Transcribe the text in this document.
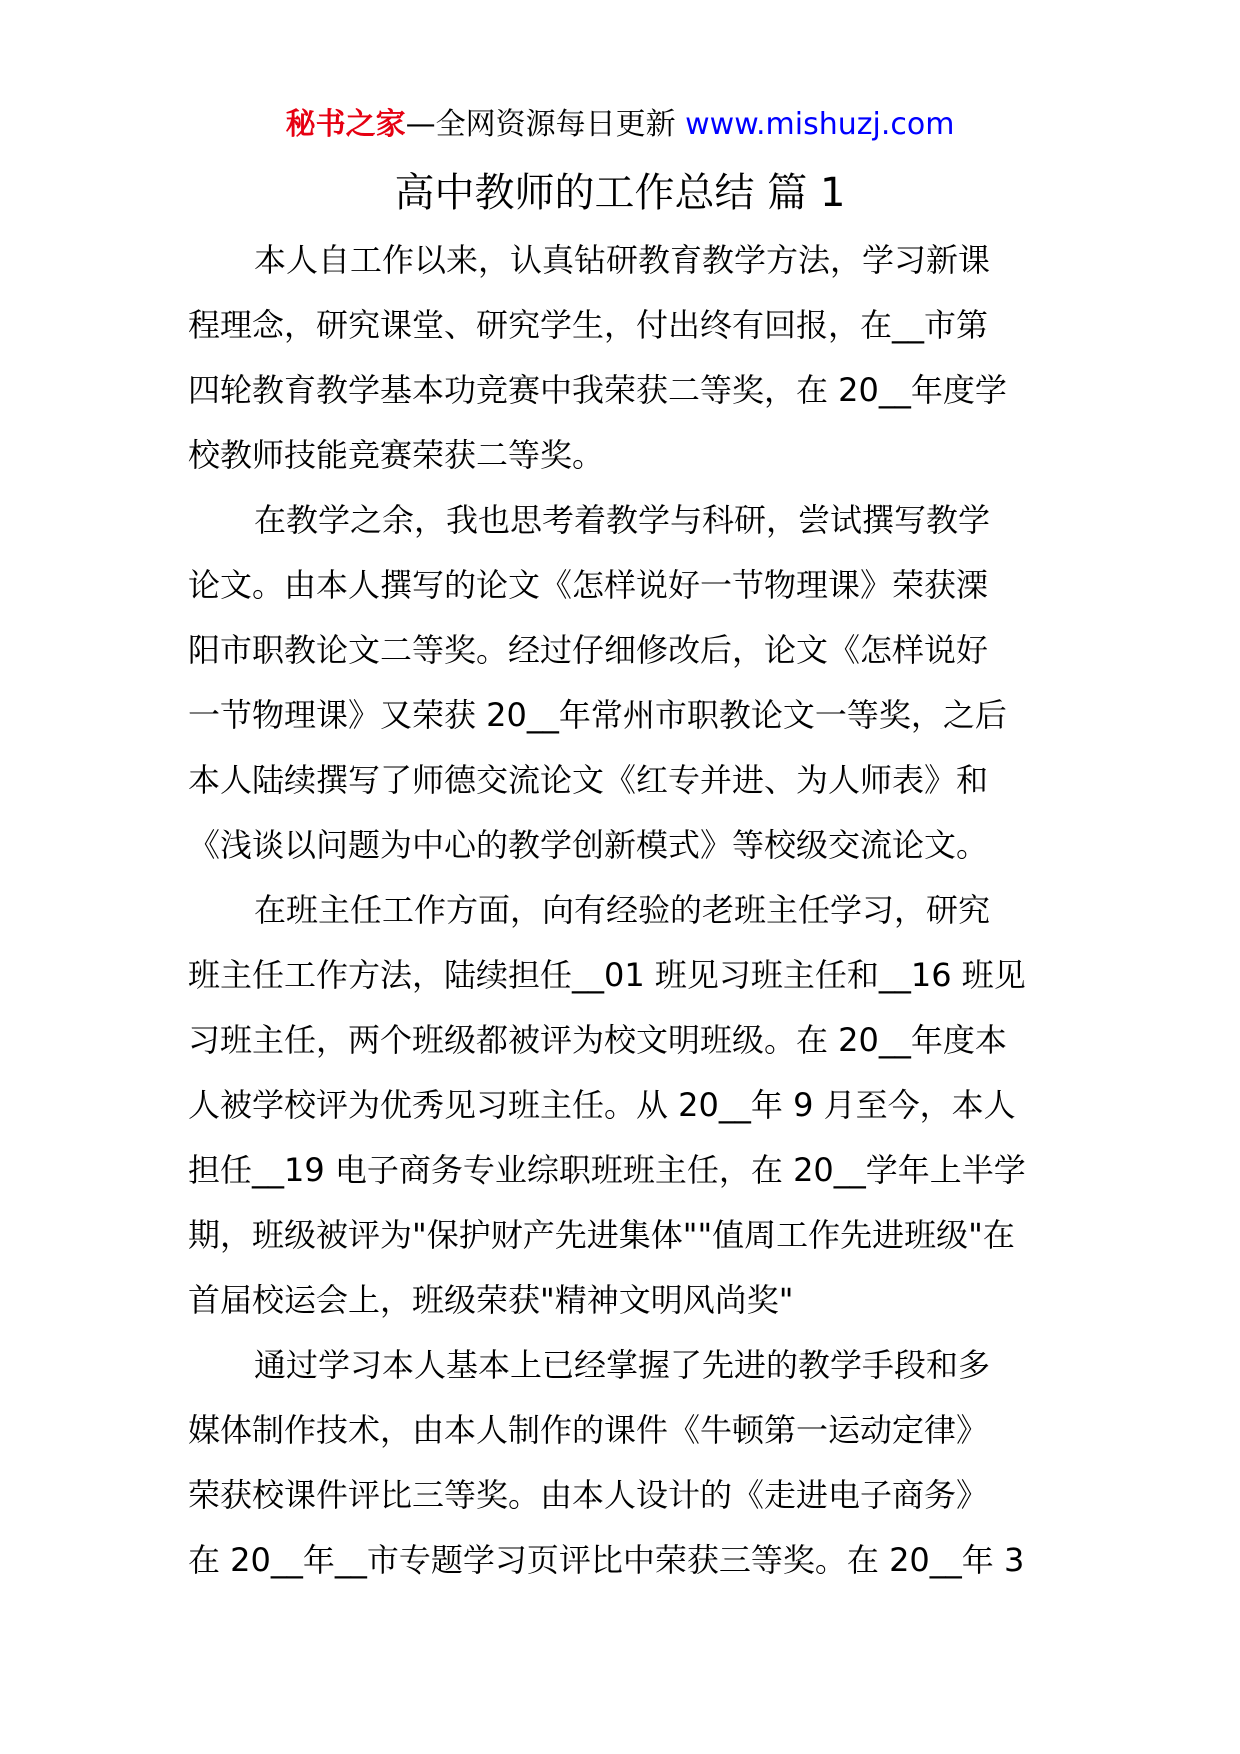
秘书之家—全网资源每日更新 www.mishuzj.com
高中教师的工作总结 篇 1
本人自工作以来，认真钻研教育教学方法，学习新课
程理念，研究课堂、研究学生，付出终有回报，在__市第
四轮教育教学基本功竞赛中我荣获二等奖，在 20__年度学
校教师技能竞赛荣获二等奖。
在教学之余，我也思考着教学与科研，尝试撰写教学
论文。由本人撰写的论文《怎样说好一节物理课》荣获溧
阳市职教论文二等奖。经过仔细修改后，论文《怎样说好
一节物理课》又荣获 20__年常州市职教论文一等奖，之后
本人陆续撰写了师德交流论文《红专并进、为人师表》和
《浅谈以问题为中心的教学创新模式》等校级交流论文。
在班主任工作方面，向有经验的老班主任学习，研究
班主任工作方法，陆续担任__01 班见习班主任和__16 班见
习班主任，两个班级都被评为校文明班级。在 20__年度本
人被学校评为优秀见习班主任。从 20__年 9 月至今，本人
担任__19 电子商务专业综职班班主任，在 20__学年上半学
期，班级被评为"保护财产先进集体""值周工作先进班级"在
首届校运会上，班级荣获"精神文明风尚奖"
通过学习本人基本上已经掌握了先进的教学手段和多
媒体制作技术，由本人制作的课件《牛顿第一运动定律》
荣获校课件评比三等奖。由本人设计的《走进电子商务》
在 20__年__市专题学习页评比中荣获三等奖。在 20__年 3
